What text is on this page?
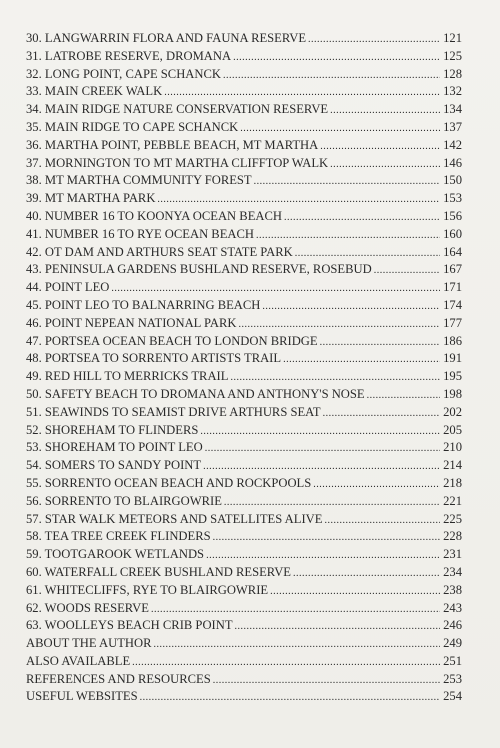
30. LANGWARRIN FLORA AND FAUNA RESERVE .....	121
31. LATROBE RESERVE, DROMANA .....	125
32. LONG POINT, CAPE SCHANCK .....	128
33. MAIN CREEK WALK .....	132
34. MAIN RIDGE NATURE CONSERVATION RESERVE .....	134
35. MAIN RIDGE TO CAPE SCHANCK .....	137
36. MARTHA POINT, PEBBLE BEACH, MT MARTHA .....	142
37. MORNINGTON TO MT MARTHA CLIFFTOP WALK .....	146
38. MT MARTHA COMMUNITY FOREST .....	150
39. MT MARTHA PARK .....	153
40. NUMBER 16 TO KOONYA OCEAN BEACH .....	156
41. NUMBER 16 TO RYE OCEAN BEACH .....	160
42. OT DAM AND ARTHURS SEAT STATE PARK .....	164
43. PENINSULA GARDENS BUSHLAND RESERVE, ROSEBUD .....	167
44. POINT LEO .....	171
45. POINT LEO TO BALNARRING BEACH .....	174
46. POINT NEPEAN NATIONAL PARK .....	177
47. PORTSEA OCEAN BEACH TO LONDON BRIDGE .....	186
48. PORTSEA TO SORRENTO ARTISTS TRAIL .....	191
49. RED HILL TO MERRICKS TRAIL .....	195
50. SAFETY BEACH TO DROMANA AND ANTHONY'S NOSE .....	198
51. SEAWINDS TO SEAMIST DRIVE ARTHURS SEAT .....	202
52. SHOREHAM TO FLINDERS .....	205
53. SHOREHAM TO POINT LEO .....	210
54. SOMERS TO SANDY POINT .....	214
55. SORRENTO OCEAN BEACH AND ROCKPOOLS .....	218
56. SORRENTO TO BLAIRGOWRIE .....	221
57. STAR WALK METEORS AND SATELLITES ALIVE .....	225
58. TEA TREE CREEK FLINDERS .....	228
59. TOOTGAROOK WETLANDS .....	231
60. WATERFALL CREEK BUSHLAND RESERVE .....	234
61. WHITECLIFFS, RYE TO BLAIRGOWRIE .....	238
62. WOODS RESERVE .....	243
63. WOOLLEYS BEACH CRIB POINT .....	246
ABOUT THE AUTHOR .....	249
ALSO AVAILABLE .....	251
REFERENCES AND RESOURCES .....	253
USEFUL WEBSITES .....	254
